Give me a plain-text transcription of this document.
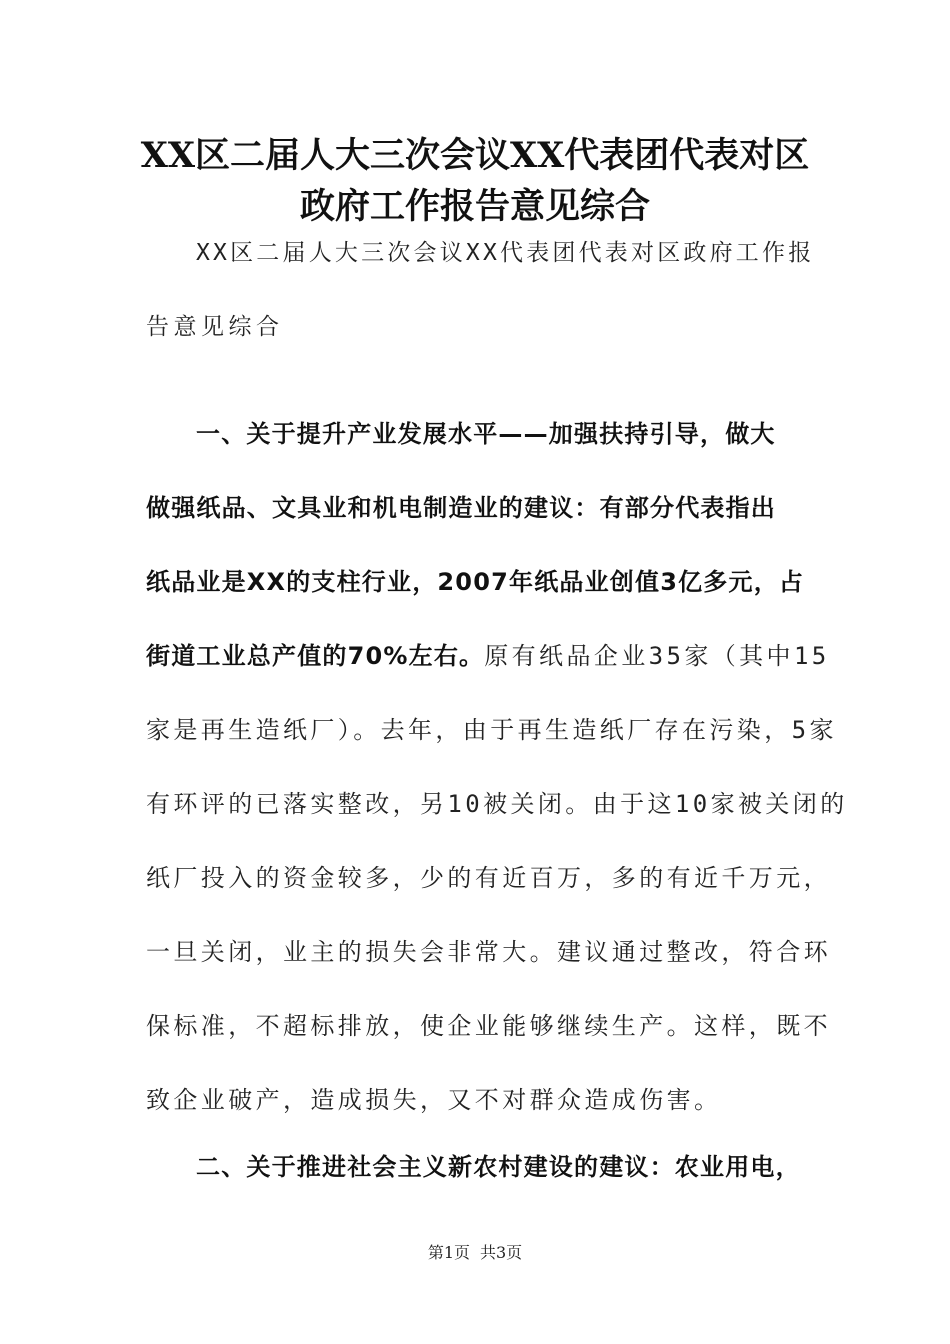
XX区二届人大三次会议XX代表团代表对区
政府工作报告意见综合
XX区二届人大三次会议XX代表团代表对区政府工作报
告意见综合
一、关于提升产业发展水平——加强扶持引导，做大
做强纸品、文具业和机电制造业的建议：有部分代表指出
纸品业是XX的支柱行业，2007年纸品业创值3亿多元，占
街道工业总产值的70%左右。原有纸品企业35家（其中15
家是再生造纸厂）。去年，由于再生造纸厂存在污染，5家
有环评的已落实整改，另10被关闭。由于这10家被关闭的
纸厂投入的资金较多，少的有近百万，多的有近千万元，
一旦关闭，业主的损失会非常大。建议通过整改，符合环
保标准，不超标排放，使企业能够继续生产。这样，既不
致企业破产，造成损失，又不对群众造成伤害。
二、关于推进社会主义新农村建设的建议：农业用电，
第1页 共3页
